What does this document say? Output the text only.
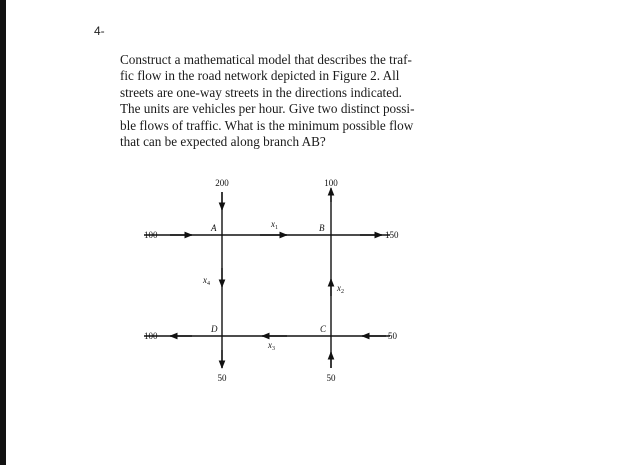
4-
Construct a mathematical model that describes the traf-
fic flow in the road network depicted in Figure 2. All
streets are one-way streets in the directions indicated.
The units are vehicles per hour. Give two distinct possi-
ble flows of traffic. What is the minimum possible flow
that can be expected along branch AB?
200	100
100	150
100	50
50	50
A	B
C
D
$x_1$
$x_2$
$x_3$
$x_4$
